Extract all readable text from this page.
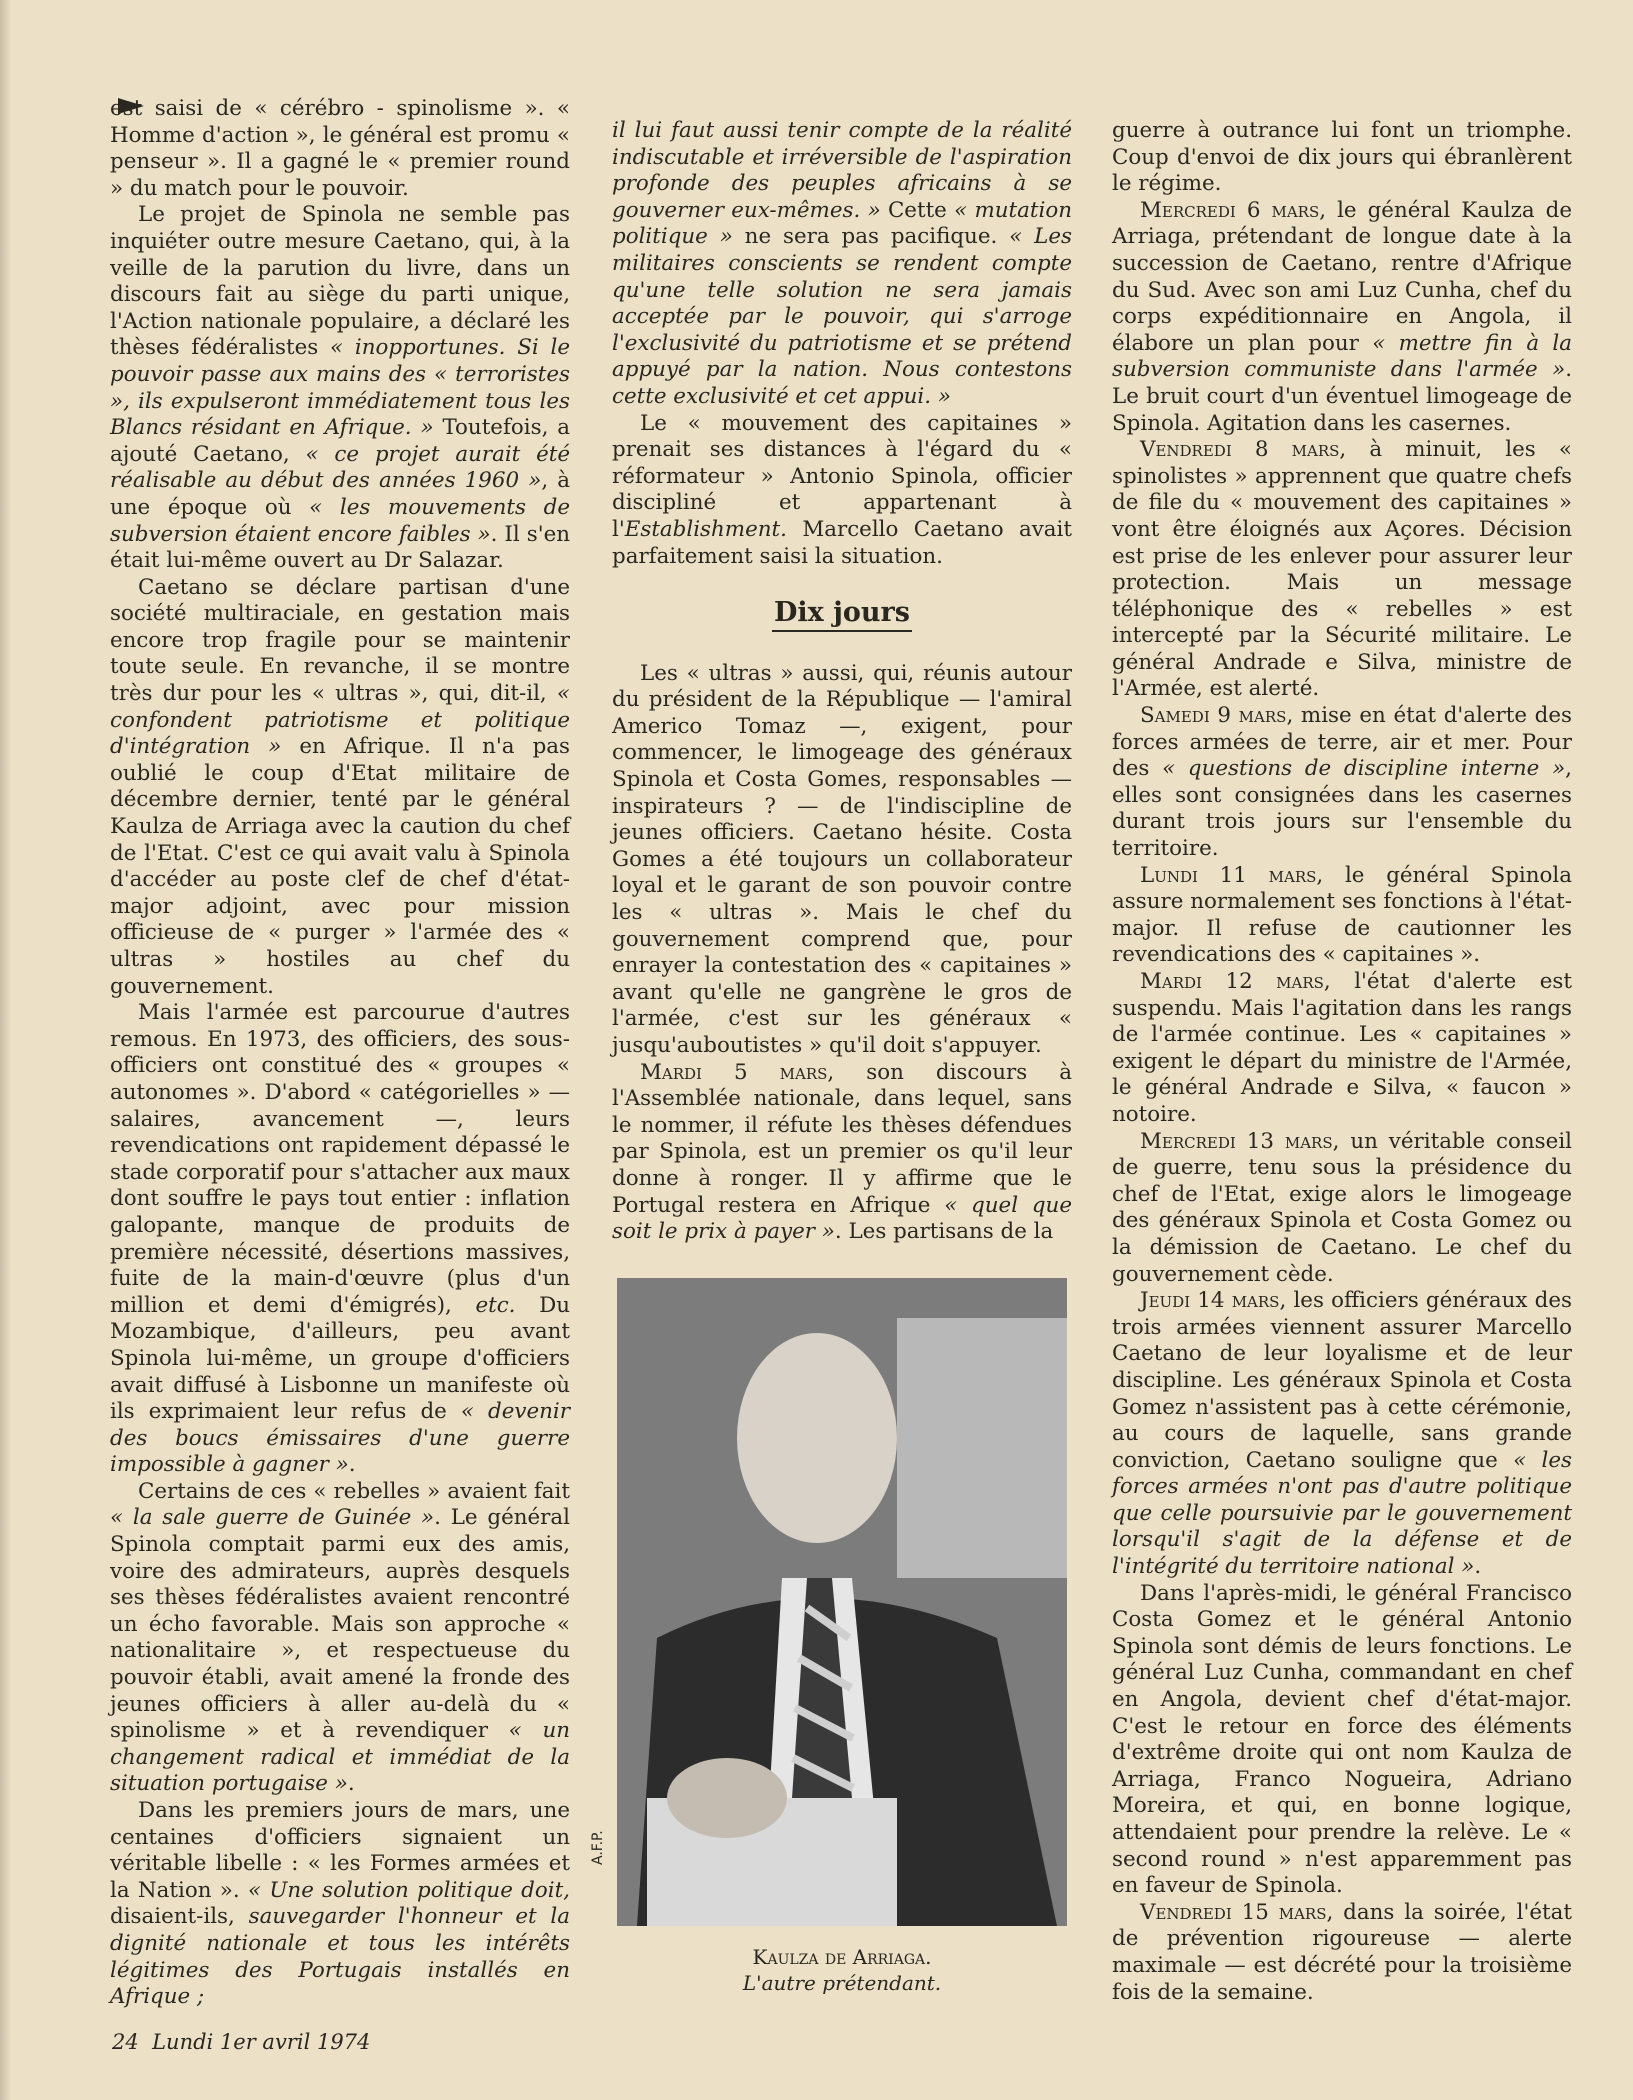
est saisi de « cérébro - spinolisme ». « Homme d'action », le général est promu « penseur ». Il a gagné le « premier round » du match pour le pouvoir.

Le projet de Spinola ne semble pas inquiéter outre mesure Caetano, qui, à la veille de la parution du livre, dans un discours fait au siège du parti unique, l'Action nationale populaire, a déclaré les thèses fédéralistes « inopportunes. Si le pouvoir passe aux mains des « terroristes », ils expulseront immédiatement tous les Blancs résidant en Afrique. » Toutefois, a ajouté Caetano, « ce projet aurait été réalisable au début des années 1960 », à une époque où « les mouvements de subversion étaient encore faibles ». Il s'en était lui-même ouvert au Dr Salazar.

Caetano se déclare partisan d'une société multiraciale, en gestation mais encore trop fragile pour se maintenir toute seule. En revanche, il se montre très dur pour les « ultras », qui, dit-il, « confondent patriotisme et politique d'intégration » en Afrique. Il n'a pas oublié le coup d'Etat militaire de décembre dernier, tenté par le général Kaulza de Arriaga avec la caution du chef de l'Etat. C'est ce qui avait valu à Spinola d'accéder au poste clef de chef d'état-major adjoint, avec pour mission officieuse de « purger » l'armée des « ultras » hostiles au chef du gouvernement.

Mais l'armée est parcourue d'autres remous. En 1973, des officiers, des sous-officiers ont constitué des « groupes « autonomes ». D'abord « catégorielles » — salaires, avancement —, leurs revendications ont rapidement dépassé le stade corporatif pour s'attacher aux maux dont souffre le pays tout entier : inflation galopante, manque de produits de première nécessité, désertions massives, fuite de la main-d'œuvre (plus d'un million et demi d'émigrés), etc. Du Mozambique, d'ailleurs, peu avant Spinola lui-même, un groupe d'officiers avait diffusé à Lisbonne un manifeste où ils exprimaient leur refus de « devenir des boucs émissaires d'une guerre impossible à gagner ».

Certains de ces « rebelles » avaient fait « la sale guerre de Guinée ». Le général Spinola comptait parmi eux des amis, voire des admirateurs, auprès desquels ses thèses fédéralistes avaient rencontré un écho favorable. Mais son approche « nationalitaire », et respectueuse du pouvoir établi, avait amené la fronde des jeunes officiers à aller au-delà du « spinolisme » et à revendiquer « un changement radical et immédiat de la situation portugaise ».

Dans les premiers jours de mars, une centaines d'officiers signaient un véritable libelle : « les Formes armées et la Nation ». « Une solution politique doit, disaient-ils, sauvegarder l'honneur et la dignité nationale et tous les intérêts légitimes des Portugais installés en Afrique ;

il lui faut aussi tenir compte de la réalité indiscutable et irréversible de l'aspiration profonde des peuples africains à se gouverner eux-mêmes. » Cette « mutation politique » ne sera pas pacifique. « Les militaires conscients se rendent compte qu'une telle solution ne sera jamais acceptée par le pouvoir, qui s'arroge l'exclusivité du patriotisme et se prétend appuyé par la nation. Nous contestons cette exclusivité et cet appui. »

Le « mouvement des capitaines » prenait ses distances à l'égard du « réformateur » Antonio Spinola, officier discipliné et appartenant à l'Establishment. Marcello Caetano avait parfaitement saisi la situation.

Dix jours

Les « ultras » aussi, qui, réunis autour du président de la République — l'amiral Americo Tomaz —, exigent, pour commencer, le limogeage des généraux Spinola et Costa Gomes, responsables — inspirateurs ? — de l'indiscipline de jeunes officiers. Caetano hésite. Costa Gomes a été toujours un collaborateur loyal et le garant de son pouvoir contre les « ultras ». Mais le chef du gouvernement comprend que, pour enrayer la contestation des « capitaines » avant qu'elle ne gangrène le gros de l'armée, c'est sur les généraux « jusqu'auboutistes » qu'il doit s'appuyer.

Mardi 5 mars, son discours à l'Assemblée nationale, dans lequel, sans le nommer, il réfute les thèses défendues par Spinola, est un premier os qu'il leur donne à ronger. Il y affirme que le Portugal restera en Afrique « quel que soit le prix à payer ». Les partisans de la

guerre à outrance lui font un triomphe. Coup d'envoi de dix jours qui ébranlèrent le régime.

Mercredi 6 mars, le général Kaulza de Arriaga, prétendant de longue date à la succession de Caetano, rentre d'Afrique du Sud. Avec son ami Luz Cunha, chef du corps expéditionnaire en Angola, il élabore un plan pour « mettre fin à la subversion communiste dans l'armée ». Le bruit court d'un éventuel limogeage de Spinola. Agitation dans les casernes.

Vendredi 8 mars, à minuit, les « spinolistes » apprennent que quatre chefs de file du « mouvement des capitaines » vont être éloignés aux Açores. Décision est prise de les enlever pour assurer leur protection. Mais un message téléphonique des « rebelles » est intercepté par la Sécurité militaire. Le général Andrade e Silva, ministre de l'Armée, est alerté.

Samedi 9 mars, mise en état d'alerte des forces armées de terre, air et mer. Pour des « questions de discipline interne », elles sont consignées dans les casernes durant trois jours sur l'ensemble du territoire.

Lundi 11 mars, le général Spinola assure normalement ses fonctions à l'état-major. Il refuse de cautionner les revendications des « capitaines ».

Mardi 12 mars, l'état d'alerte est suspendu. Mais l'agitation dans les rangs de l'armée continue. Les « capitaines » exigent le départ du ministre de l'Armée, le général Andrade e Silva, « faucon » notoire.

Mercredi 13 mars, un véritable conseil de guerre, tenu sous la présidence du chef de l'Etat, exige alors le limogeage des généraux Spinola et Costa Gomez ou la démission de Caetano. Le chef du gouvernement cède.

Jeudi 14 mars, les officiers généraux des trois armées viennent assurer Marcello Caetano de leur loyalisme et de leur discipline. Les généraux Spinola et Costa Gomez n'assistent pas à cette cérémonie, au cours de laquelle, sans grande conviction, Caetano souligne que « les forces armées n'ont pas d'autre politique que celle poursuivie par le gouvernement lorsqu'il s'agit de la défense et de l'intégrité du territoire national ».

Dans l'après-midi, le général Francisco Costa Gomez et le général Antonio Spinola sont démis de leurs fonctions. Le général Luz Cunha, commandant en chef en Angola, devient chef d'état-major. C'est le retour en force des éléments d'extrême droite qui ont nom Kaulza de Arriaga, Franco Nogueira, Adriano Moreira, et qui, en bonne logique, attendaient pour prendre la relève. Le « second round » n'est apparemment pas en faveur de Spinola.

Vendredi 15 mars, dans la soirée, l'état de prévention rigoureuse — alerte maximale — est décrété pour la troisième fois de la semaine.

A.F.P.
Kaulza de Arriaga.
L'autre prétendant.
24 Lundi 1er avril 1974
